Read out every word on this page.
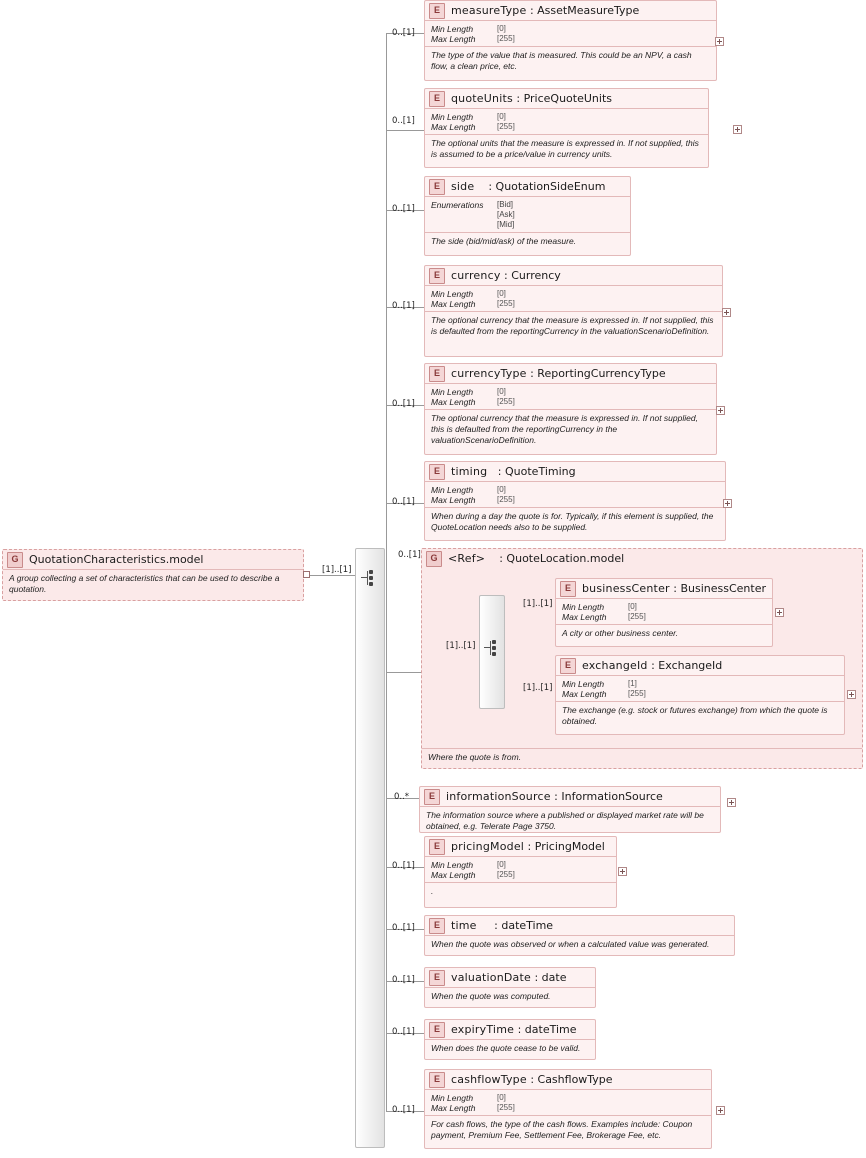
G QuotationCharacteristics.model
A group collecting a set of characteristics that can be used to describe a quotation.
[1]..[1]
0..[1]
E	measureType : AssetMeasureType
Min Length	[0]
Max Length	[255]
The type of the value that is measured. This could be an NPV, a cash flow, a clean price, etc.
0..[1]
E	quoteUnits : PriceQuoteUnits
Min Length	[0]
Max Length	[255]
The optional units that the measure is expressed in. If not supplied, this is assumed to be a price/value in currency units.
0..[1]
E	side : QuotationSideEnum
Enumerations	[Bid]
[Ask]
[Mid]
The side (bid/mid/ask) of the measure.
0..[1]
E	currency : Currency
Min Length	[0]
Max Length	[255]
The optional currency that the measure is expressed in. If not supplied, this is defaulted from the reportingCurrency in the valuationScenarioDefinition.
0..[1]
E	currencyType : ReportingCurrencyType
Min Length	[0]
Max Length	[255]
The optional currency that the measure is expressed in. If not supplied, this is defaulted from the reportingCurrency in the valuationScenarioDefinition.
0..[1]
E	timing : QuoteTiming
Min Length	[0]
Max Length	[255]
When during a day the quote is for. Typically, if this element is supplied, the QuoteLocation needs also to be supplied.
0..[1]	G <Ref> : QuoteLocation.model
Where the quote is from.
[1]..[1]
[1]..[1]
E	businessCenter : BusinessCenter
Min Length	[0]
Max Length	[255]
A city or other business center.
[1]..[1]
E	exchangeId : ExchangeId
Min Length	[1]
Max Length	[255]
The exchange (e.g. stock or futures exchange) from which the quote is obtained.
0..*	E	informationSource : InformationSource
The information source where a published or displayed market rate will be obtained, e.g. Telerate Page 3750.
0..[1]
E	pricingModel : PricingModel
Min Length	[0]
Max Length	[255]
.
0..[1]	E	time : dateTime
When the quote was observed or when a calculated value was generated.
0..[1]	E	valuationDate : date
When the quote was computed.
0..[1]	E	expiryTime : dateTime
When does the quote cease to be valid.
0..[1]
E	cashflowType : CashflowType
Min Length	[0]
Max Length	[255]
For cash flows, the type of the cash flows. Examples include: Coupon payment, Premium Fee, Settlement Fee, Brokerage Fee, etc.
